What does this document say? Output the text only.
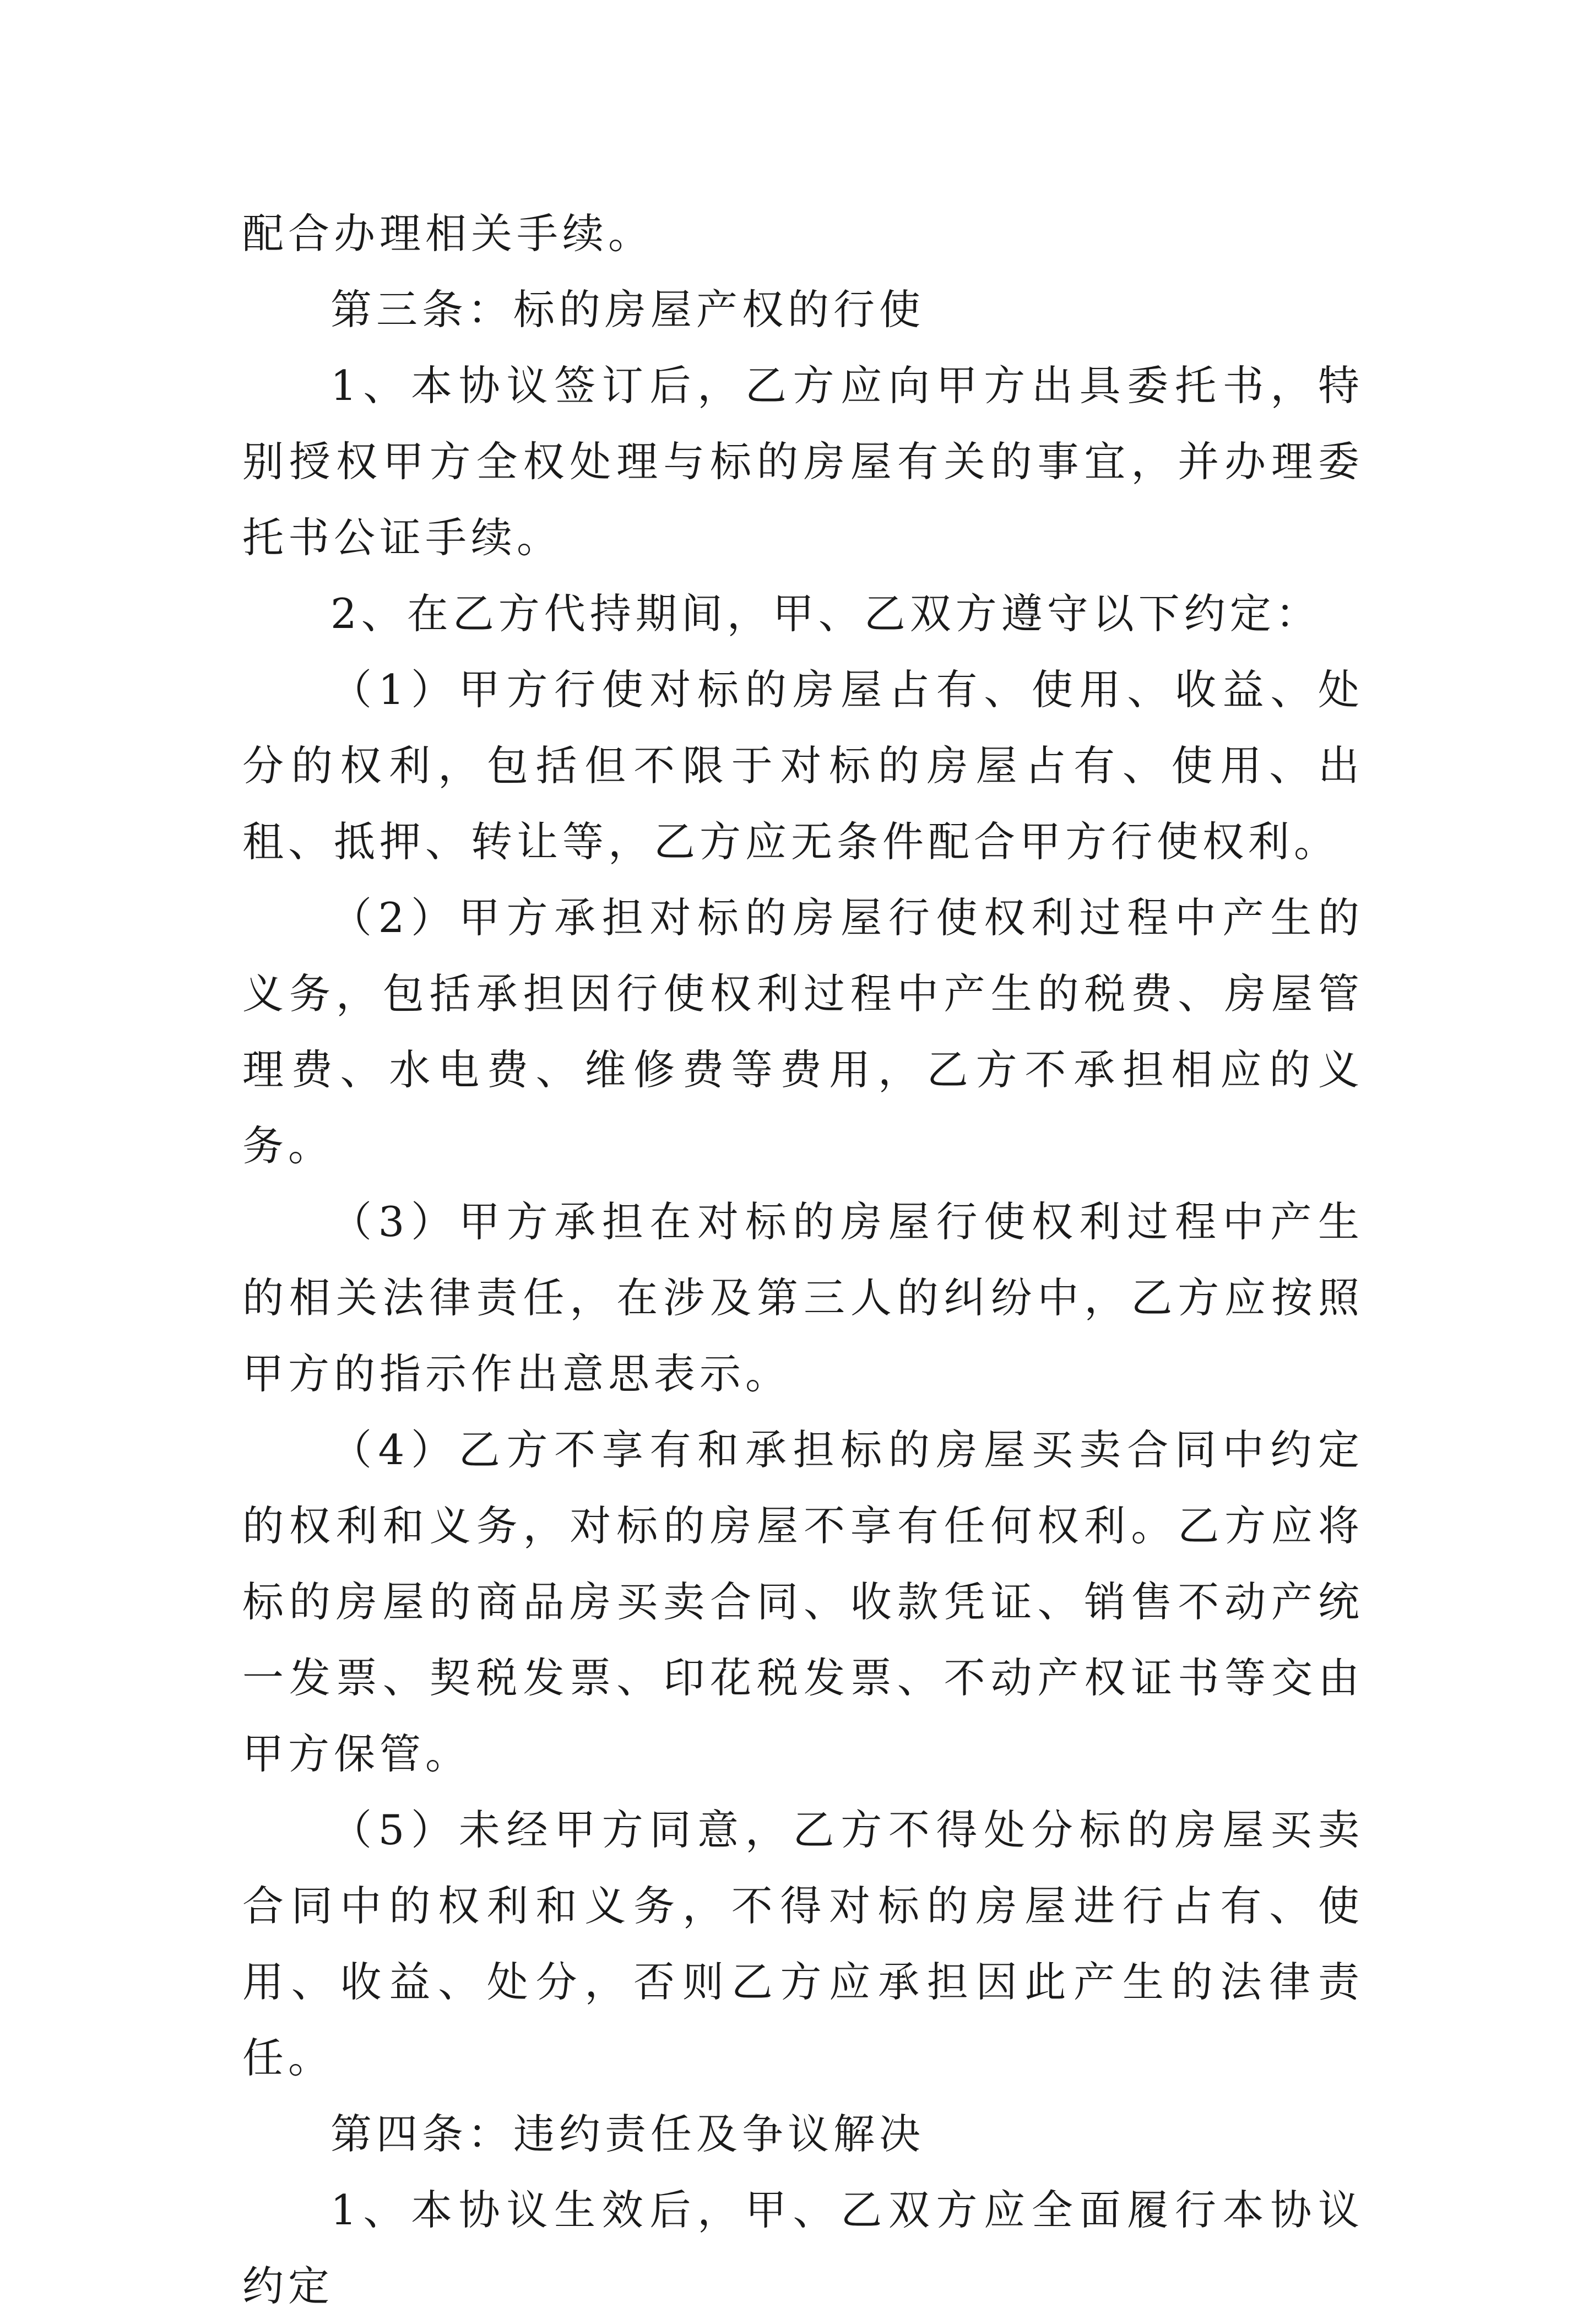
配合办理相关手续。

第三条：标的房屋产权的行使

1、本协议签订后，乙方应向甲方出具委托书，特别授权甲方全权处理与标的房屋有关的事宜，并办理委托书公证手续。

2、在乙方代持期间，甲、乙双方遵守以下约定：

（1）甲方行使对标的房屋占有、使用、收益、处分的权利，包括但不限于对标的房屋占有、使用、出租、抵押、转让等，乙方应无条件配合甲方行使权利。

（2）甲方承担对标的房屋行使权利过程中产生的义务，包括承担因行使权利过程中产生的税费、房屋管理费、水电费、维修费等费用，乙方不承担相应的义务。

（3）甲方承担在对标的房屋行使权利过程中产生的相关法律责任，在涉及第三人的纠纷中，乙方应按照甲方的指示作出意思表示。

（4）乙方不享有和承担标的房屋买卖合同中约定的权利和义务，对标的房屋不享有任何权利。乙方应将标的房屋的商品房买卖合同、收款凭证、销售不动产统一发票、契税发票、印花税发票、不动产权证书等交由甲方保管。

（5）未经甲方同意，乙方不得处分标的房屋买卖合同中的权利和义务，不得对标的房屋进行占有、使用、收益、处分，否则乙方应承担因此产生的法律责任。

第四条：违约责任及争议解决

1、本协议生效后，甲、乙双方应全面履行本协议约定
